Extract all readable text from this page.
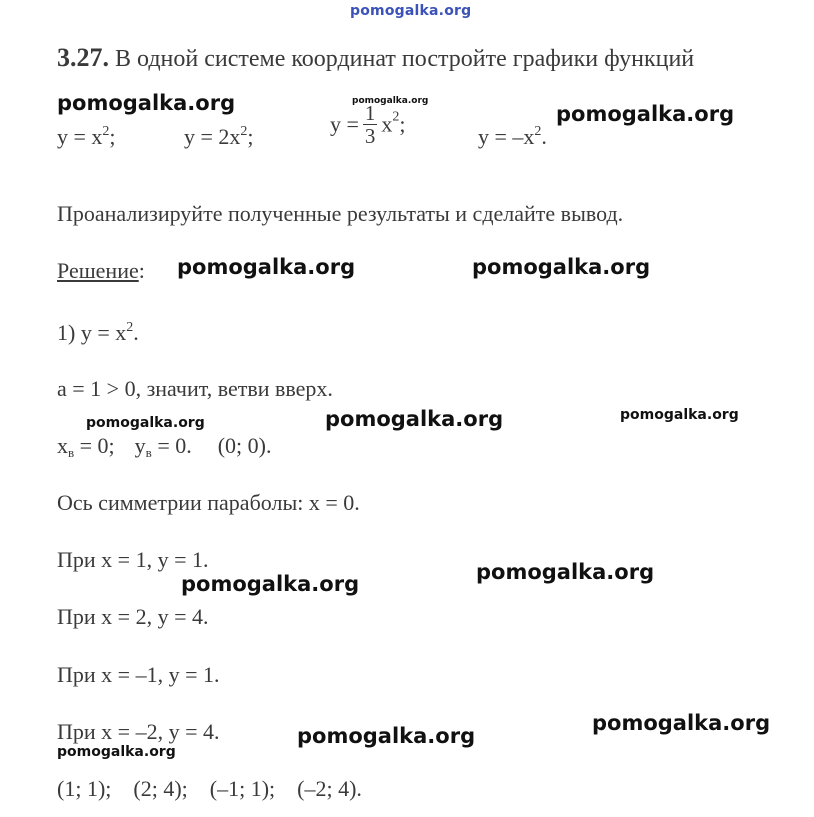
pomogalka.org
3.27. В одной системе координат постройте графики функций
pomogalka.org	pomogalka.org
pomogalka.org
$y = x^2$;	$y = 2x^2$;	$y = \frac{1}{3} x^2$;	$y = -x^2$.
Проанализируйте полученные результаты и сделайте вывод.
Решение: pomogalka.org	pomogalka.org
1) $y = x^2$.
a = 1 > 0, значит, ветви вверх.
pomogalka.org	pomogalka.org	pomogalka.org
$x_в = 0$; $y_в = 0$. (0; 0).
Ось симметрии параболы: x = 0.
При x = 1, y = 1.
pomogalka.org	pomogalka.org
При x = 2, y = 4.
При x = –1, y = 1.
При x = –2, y = 4.	pomogalka.org
pomogalka.org
pomogalka.org
(1; 1);    (2; 4);    (–1; 1);    (–2; 4).
